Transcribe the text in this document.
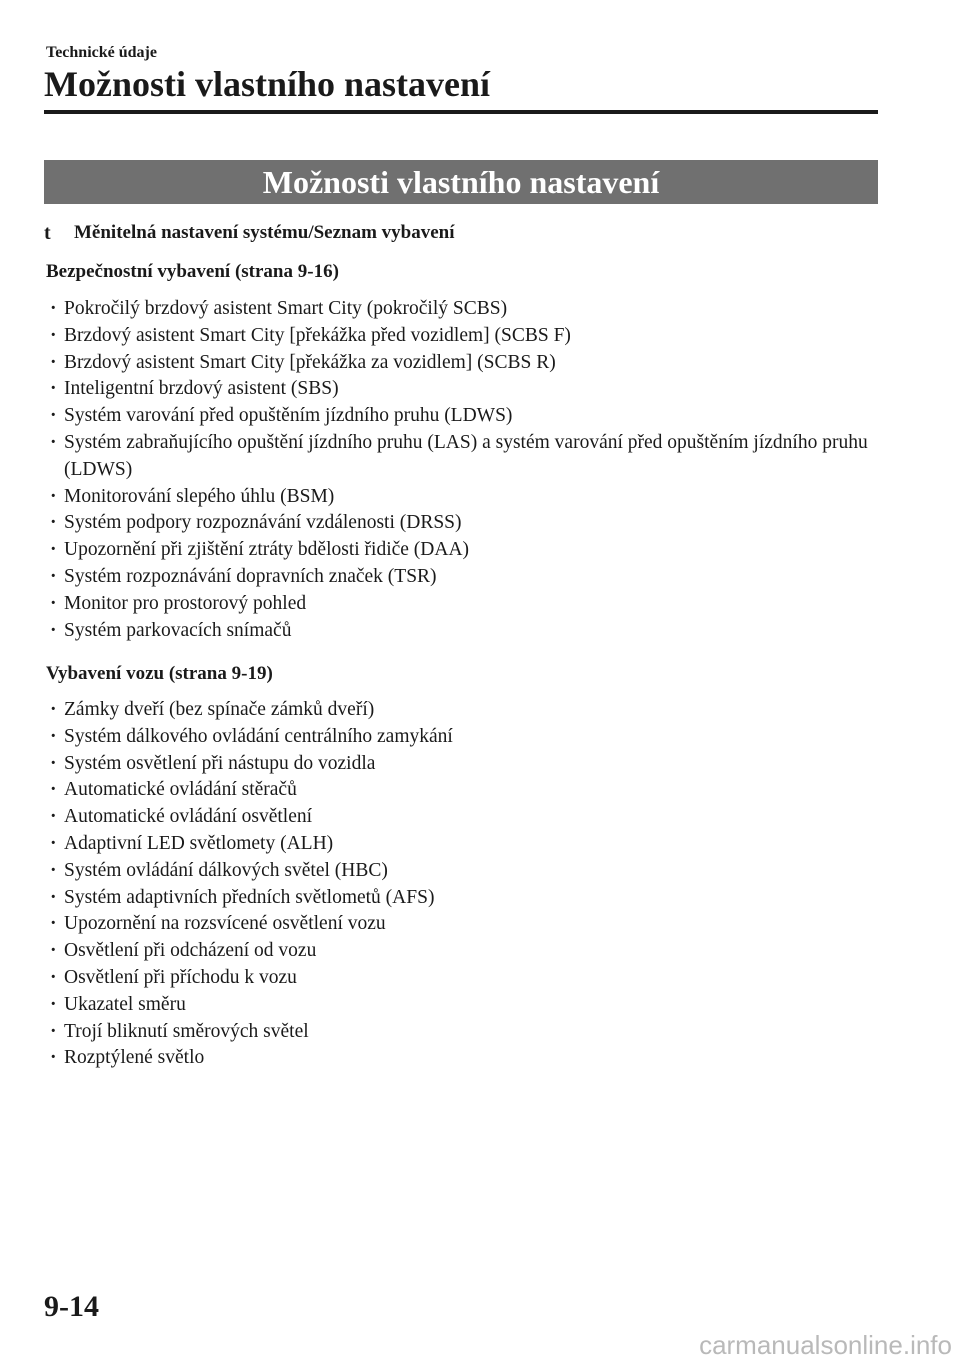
Technické údaje
Možnosti vlastního nastavení
Možnosti vlastního nastavení
t	Měnitelná nastavení systému/Seznam vybavení
Bezpečnostní vybavení (strana 9-16)
· Pokročilý brzdový asistent Smart City (pokročilý SCBS)
· Brzdový asistent Smart City [překážka před vozidlem] (SCBS F)
· Brzdový asistent Smart City [překážka za vozidlem] (SCBS R)
· Inteligentní brzdový asistent (SBS)
· Systém varování před opuštěním jízdního pruhu (LDWS)
· Systém zabraňujícího opuštění jízdního pruhu (LAS) a systém varování před opuštěním jízdního pruhu (LDWS)
· Monitorování slepého úhlu (BSM)
· Systém podpory rozpoznávání vzdálenosti (DRSS)
· Upozornění při zjištění ztráty bdělosti řidiče (DAA)
· Systém rozpoznávání dopravních značek (TSR)
· Monitor pro prostorový pohled
· Systém parkovacích snímačů
Vybavení vozu (strana 9-19)
· Zámky dveří (bez spínače zámků dveří)
· Systém dálkového ovládání centrálního zamykání
· Systém osvětlení při nástupu do vozidla
· Automatické ovládání stěračů
· Automatické ovládání osvětlení
· Adaptivní LED světlomety (ALH)
· Systém ovládání dálkových světel (HBC)
· Systém adaptivních předních světlometů (AFS)
· Upozornění na rozsvícené osvětlení vozu
· Osvětlení při odcházení od vozu
· Osvětlení při příchodu k vozu
· Ukazatel směru
· Trojí bliknutí směrových světel
· Rozptýlené světlo
9-14
carmanualsonline.info
